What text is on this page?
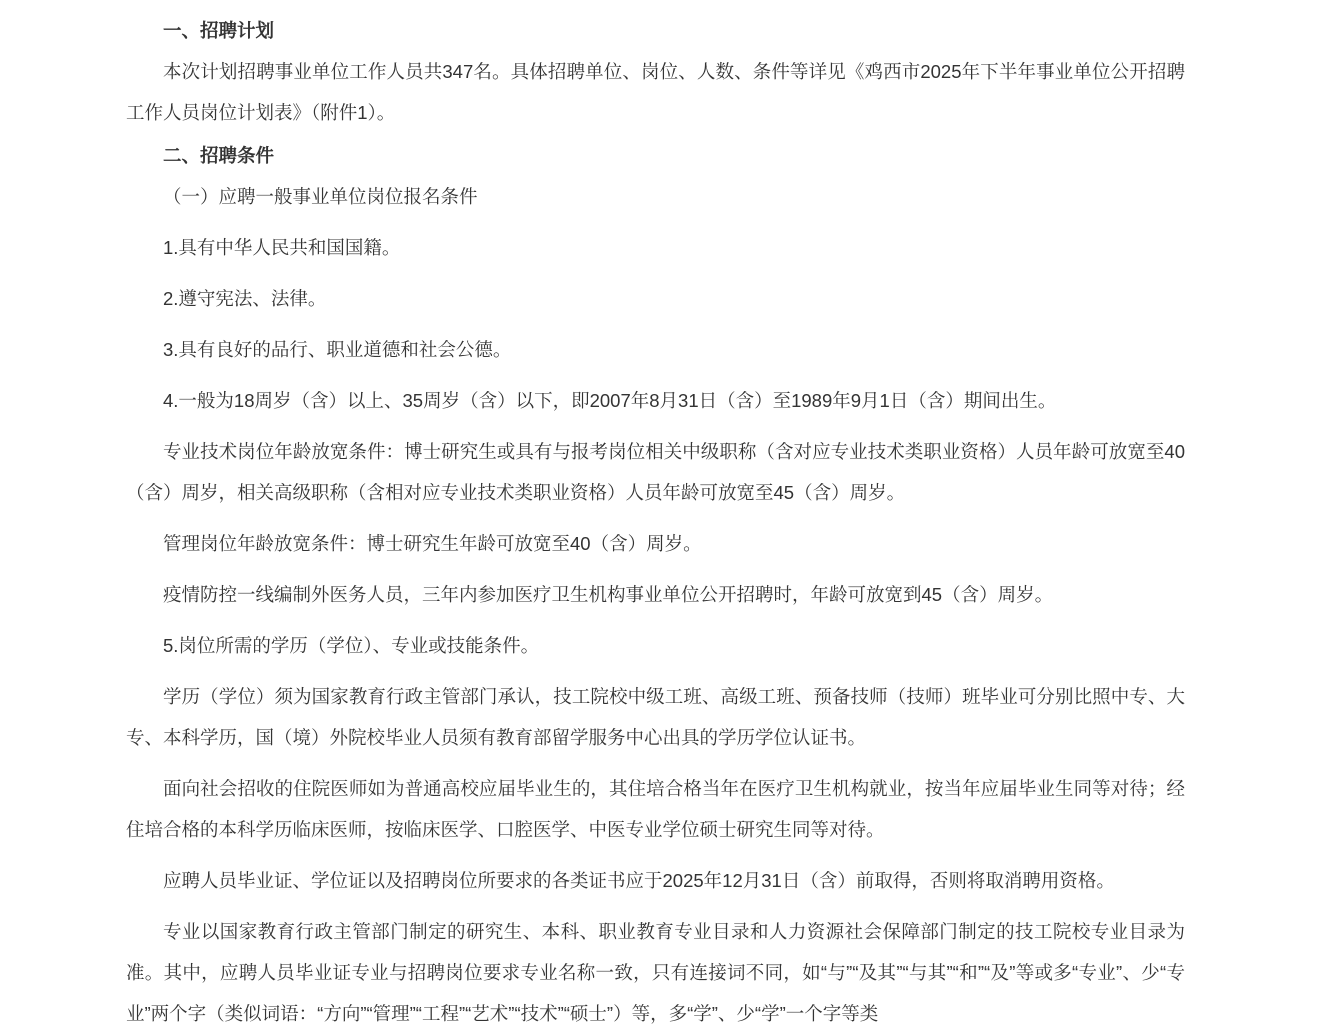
一、招聘计划

本次计划招聘事业单位工作人员共347名。具体招聘单位、岗位、人数、条件等详见《鸡西市2025年下半年事业单位公开招聘工作人员岗位计划表》（附件1）。

二、招聘条件

（一）应聘一般事业单位岗位报名条件

1.具有中华人民共和国国籍。

2.遵守宪法、法律。

3.具有良好的品行、职业道德和社会公德。

4.一般为18周岁（含）以上、35周岁（含）以下，即2007年8月31日（含）至1989年9月1日（含）期间出生。

专业技术岗位年龄放宽条件：博士研究生或具有与报考岗位相关中级职称（含对应专业技术类职业资格）人员年龄可放宽至40（含）周岁，相关高级职称（含相对应专业技术类职业资格）人员年龄可放宽至45（含）周岁。

管理岗位年龄放宽条件：博士研究生年龄可放宽至40（含）周岁。

疫情防控一线编制外医务人员，三年内参加医疗卫生机构事业单位公开招聘时，年龄可放宽到45（含）周岁。

5.岗位所需的学历（学位）、专业或技能条件。

学历（学位）须为国家教育行政主管部门承认，技工院校中级工班、高级工班、预备技师（技师）班毕业可分别比照中专、大专、本科学历，国（境）外院校毕业人员须有教育部留学服务中心出具的学历学位认证书。

面向社会招收的住院医师如为普通高校应届毕业生的，其住培合格当年在医疗卫生机构就业，按当年应届毕业生同等对待；经住培合格的本科学历临床医师，按临床医学、口腔医学、中医专业学位硕士研究生同等对待。

应聘人员毕业证、学位证以及招聘岗位所要求的各类证书应于2025年12月31日（含）前取得，否则将取消聘用资格。

专业以国家教育行政主管部门制定的研究生、本科、职业教育专业目录和人力资源社会保障部门制定的技工院校专业目录为准。其中，应聘人员毕业证专业与招聘岗位要求专业名称一致，只有连接词不同，如“与”“及其”“与其”“和”“及”等或多“专业”、少“专业”两个字（类似词语：“方向”“管理”“工程”“艺术”“技术”“硕士”）等，多“学”、少“学”一个字等类
